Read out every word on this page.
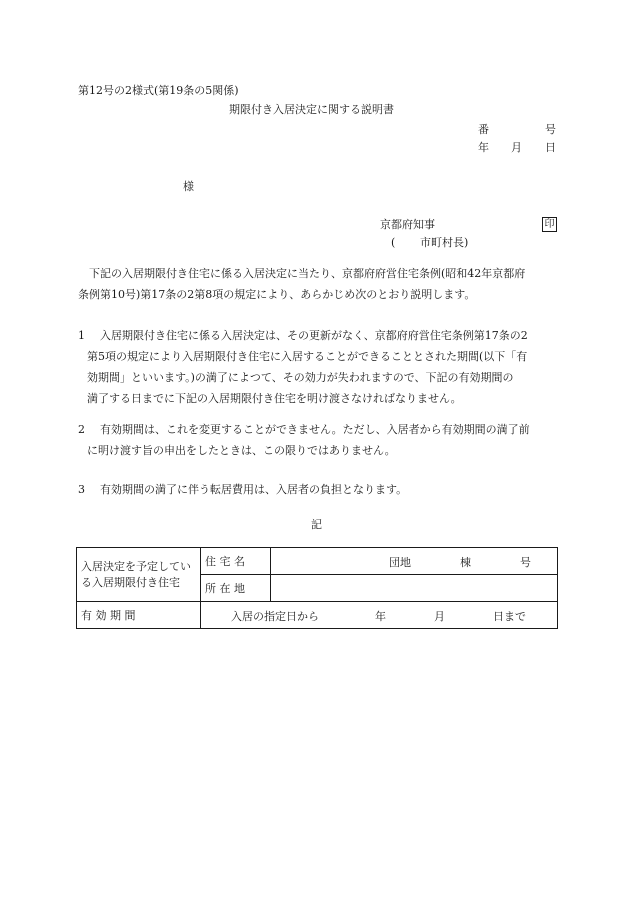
第12号の2様式(第19条の5関係)
期限付き入居決定に関する説明書
番	号
年 月 日
様
京都府知事	印
( 市町村長)
下記の入居期限付き住宅に係る入居決定に当たり、京都府府営住宅条例(昭和42年京都府
条例第10号)第17条の2第8項の規定により、あらかじめ次のとおり説明します。
1 入居期限付き住宅に係る入居決定は、その更新がなく、京都府府営住宅条例第17条の2
第5項の規定により入居期限付き住宅に入居することができることとされた期間(以下「有
効期間」といいます。)の満了によつて、その効力が失われますので、下記の有効期間の
満了する日までに下記の入居期限付き住宅を明け渡さなければなりません。
2 有効期間は、これを変更することができません。ただし、入居者から有効期間の満了前
に明け渡す旨の申出をしたときは、この限りではありません。
3 有効期間の満了に伴う転居費用は、入居者の負担となります。
記
入居決定を予定している入居期限付き住宅	住 宅 名	団地 棟 号

	所 在 地	
有 効 期 間	入居の指定日から 年 月 日まで	
